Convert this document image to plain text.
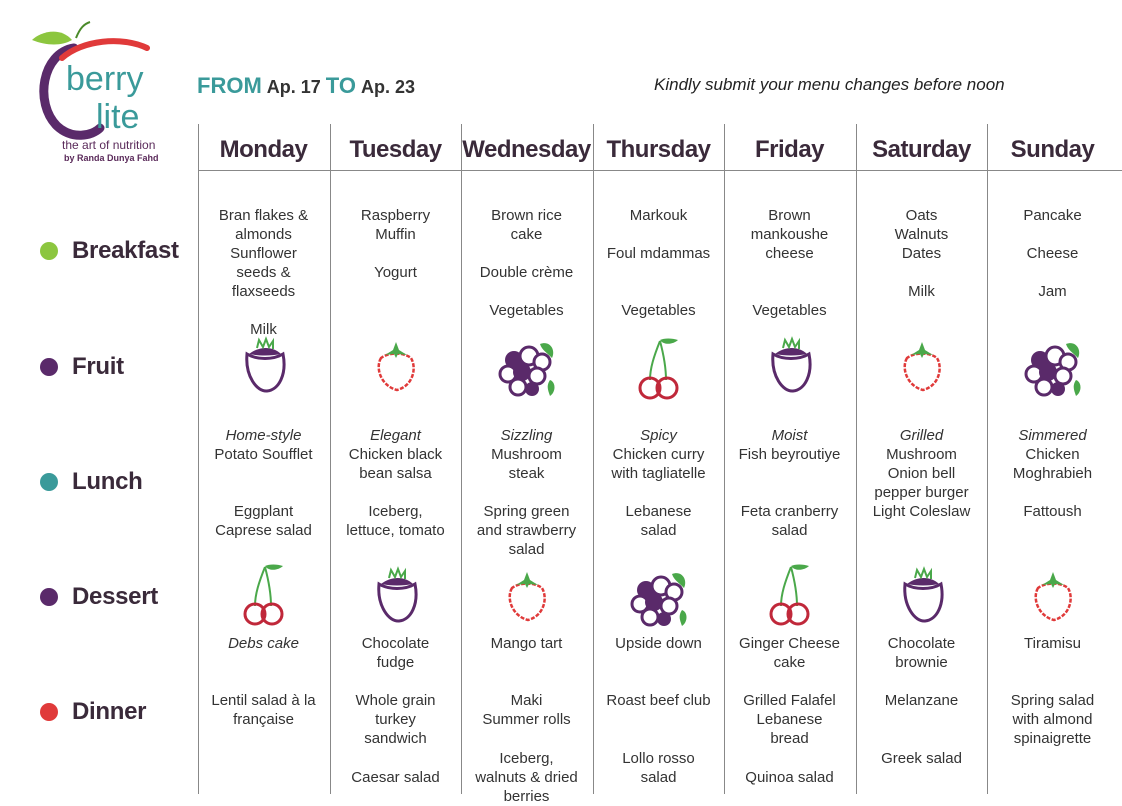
berry
lite
the art of nutrition
by Randa Dunya Fahd
FROM Ap. 17 TO Ap. 23	Kindly submit your menu changes before noon
Breakfast
Fruit
Lunch
Dessert
Dinner
Monday
Bran flakes &
almonds
Sunflower
seeds &
flaxseeds
Milk
Home-style
Potato Soufflet
Eggplant
Caprese salad
Debs cake
Lentil salad à la
française
Tuesday
Raspberry
Muffin
Yogurt
Elegant
Chicken black
bean salsa
Iceberg,
lettuce, tomato
Chocolate
fudge
Whole grain
turkey
sandwich
Caesar salad
Wednesday
Brown rice
cake
Double crème
Vegetables
Sizzling
Mushroom
steak
Spring green
and strawberry
salad
Mango tart
Maki
Summer rolls
Iceberg,
walnuts & dried
berries
Thursday
Markouk
Foul mdammas
Vegetables
Spicy
Chicken curry
with tagliatelle
Lebanese
salad
Upside down
Roast beef club
Lollo rosso
salad
Friday
Brown
mankoushe
cheese
Vegetables
Moist
Fish beyroutiye
Feta cranberry
salad
Ginger Cheese
cake
Grilled Falafel
Lebanese
bread
Quinoa salad
Saturday
Oats
Walnuts
Dates
Milk
Grilled
Mushroom
Onion bell
pepper burger
Light Coleslaw
Chocolate
brownie
Melanzane
Greek salad
Sunday
Pancake
Cheese
Jam
Simmered
Chicken
Moghrabieh
Fattoush
Tiramisu
Spring salad
with almond
spinaigrette
